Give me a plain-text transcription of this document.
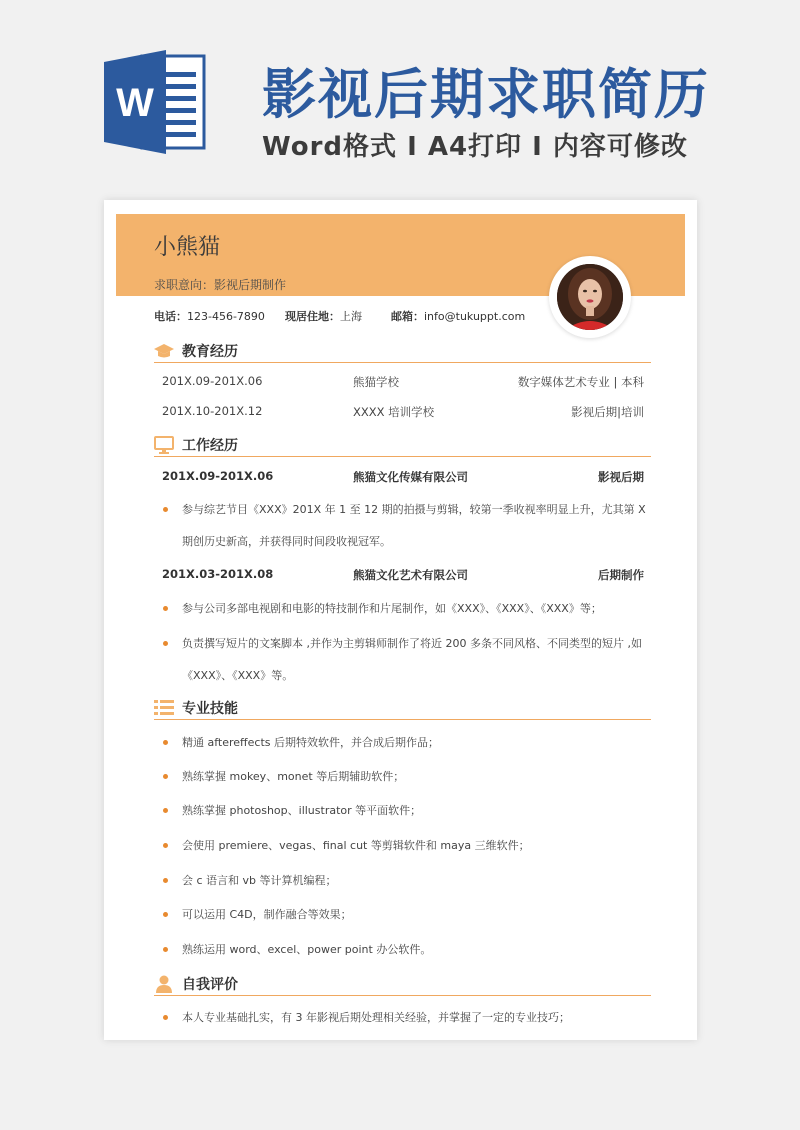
W 影视后期求职简历
Word格式 I A4打印 I 内容可修改
小熊猫
求职意向：影视后期制作
电话：123-456-7890 现居住地：上海	邮箱：info@tukuppt.com
教育经历
201X.09-201X.06	熊猫学校	数字媒体艺术专业 | 本科
201X.10-201X.12	XXXX 培训学校	影视后期|培训
工作经历
201X.09-201X.06	熊猫文化传媒有限公司	影视后期
参与综艺节目《XXX》201X 年 1 至 12 期的拍摄与剪辑，较第一季收视率明显上升，尤其第 X 期创历史新高，并获得同时间段收视冠军。
201X.03-201X.08	熊猫文化艺术有限公司	后期制作
参与公司多部电视剧和电影的特技制作和片尾制作，如《XXX》、《XXX》、《XXX》等；
负责撰写短片的文案脚本 ,并作为主剪辑师制作了将近 200 多条不同风格、不同类型的短片 ,如《XXX》、《XXX》等。
专业技能
精通 aftereffects 后期特效软件，并合成后期作品；
熟练掌握 mokey、monet 等后期辅助软件；
熟练掌握 photoshop、illustrator 等平面软件；
会使用 premiere、vegas、final cut 等剪辑软件和 maya 三维软件；
会 c 语言和 vb 等计算机编程；
可以运用 C4D，制作融合等效果；
熟练运用 word、excel、power point 办公软件。
自我评价
本人专业基础扎实，有 3 年影视后期处理相关经验，并掌握了一定的专业技巧；
